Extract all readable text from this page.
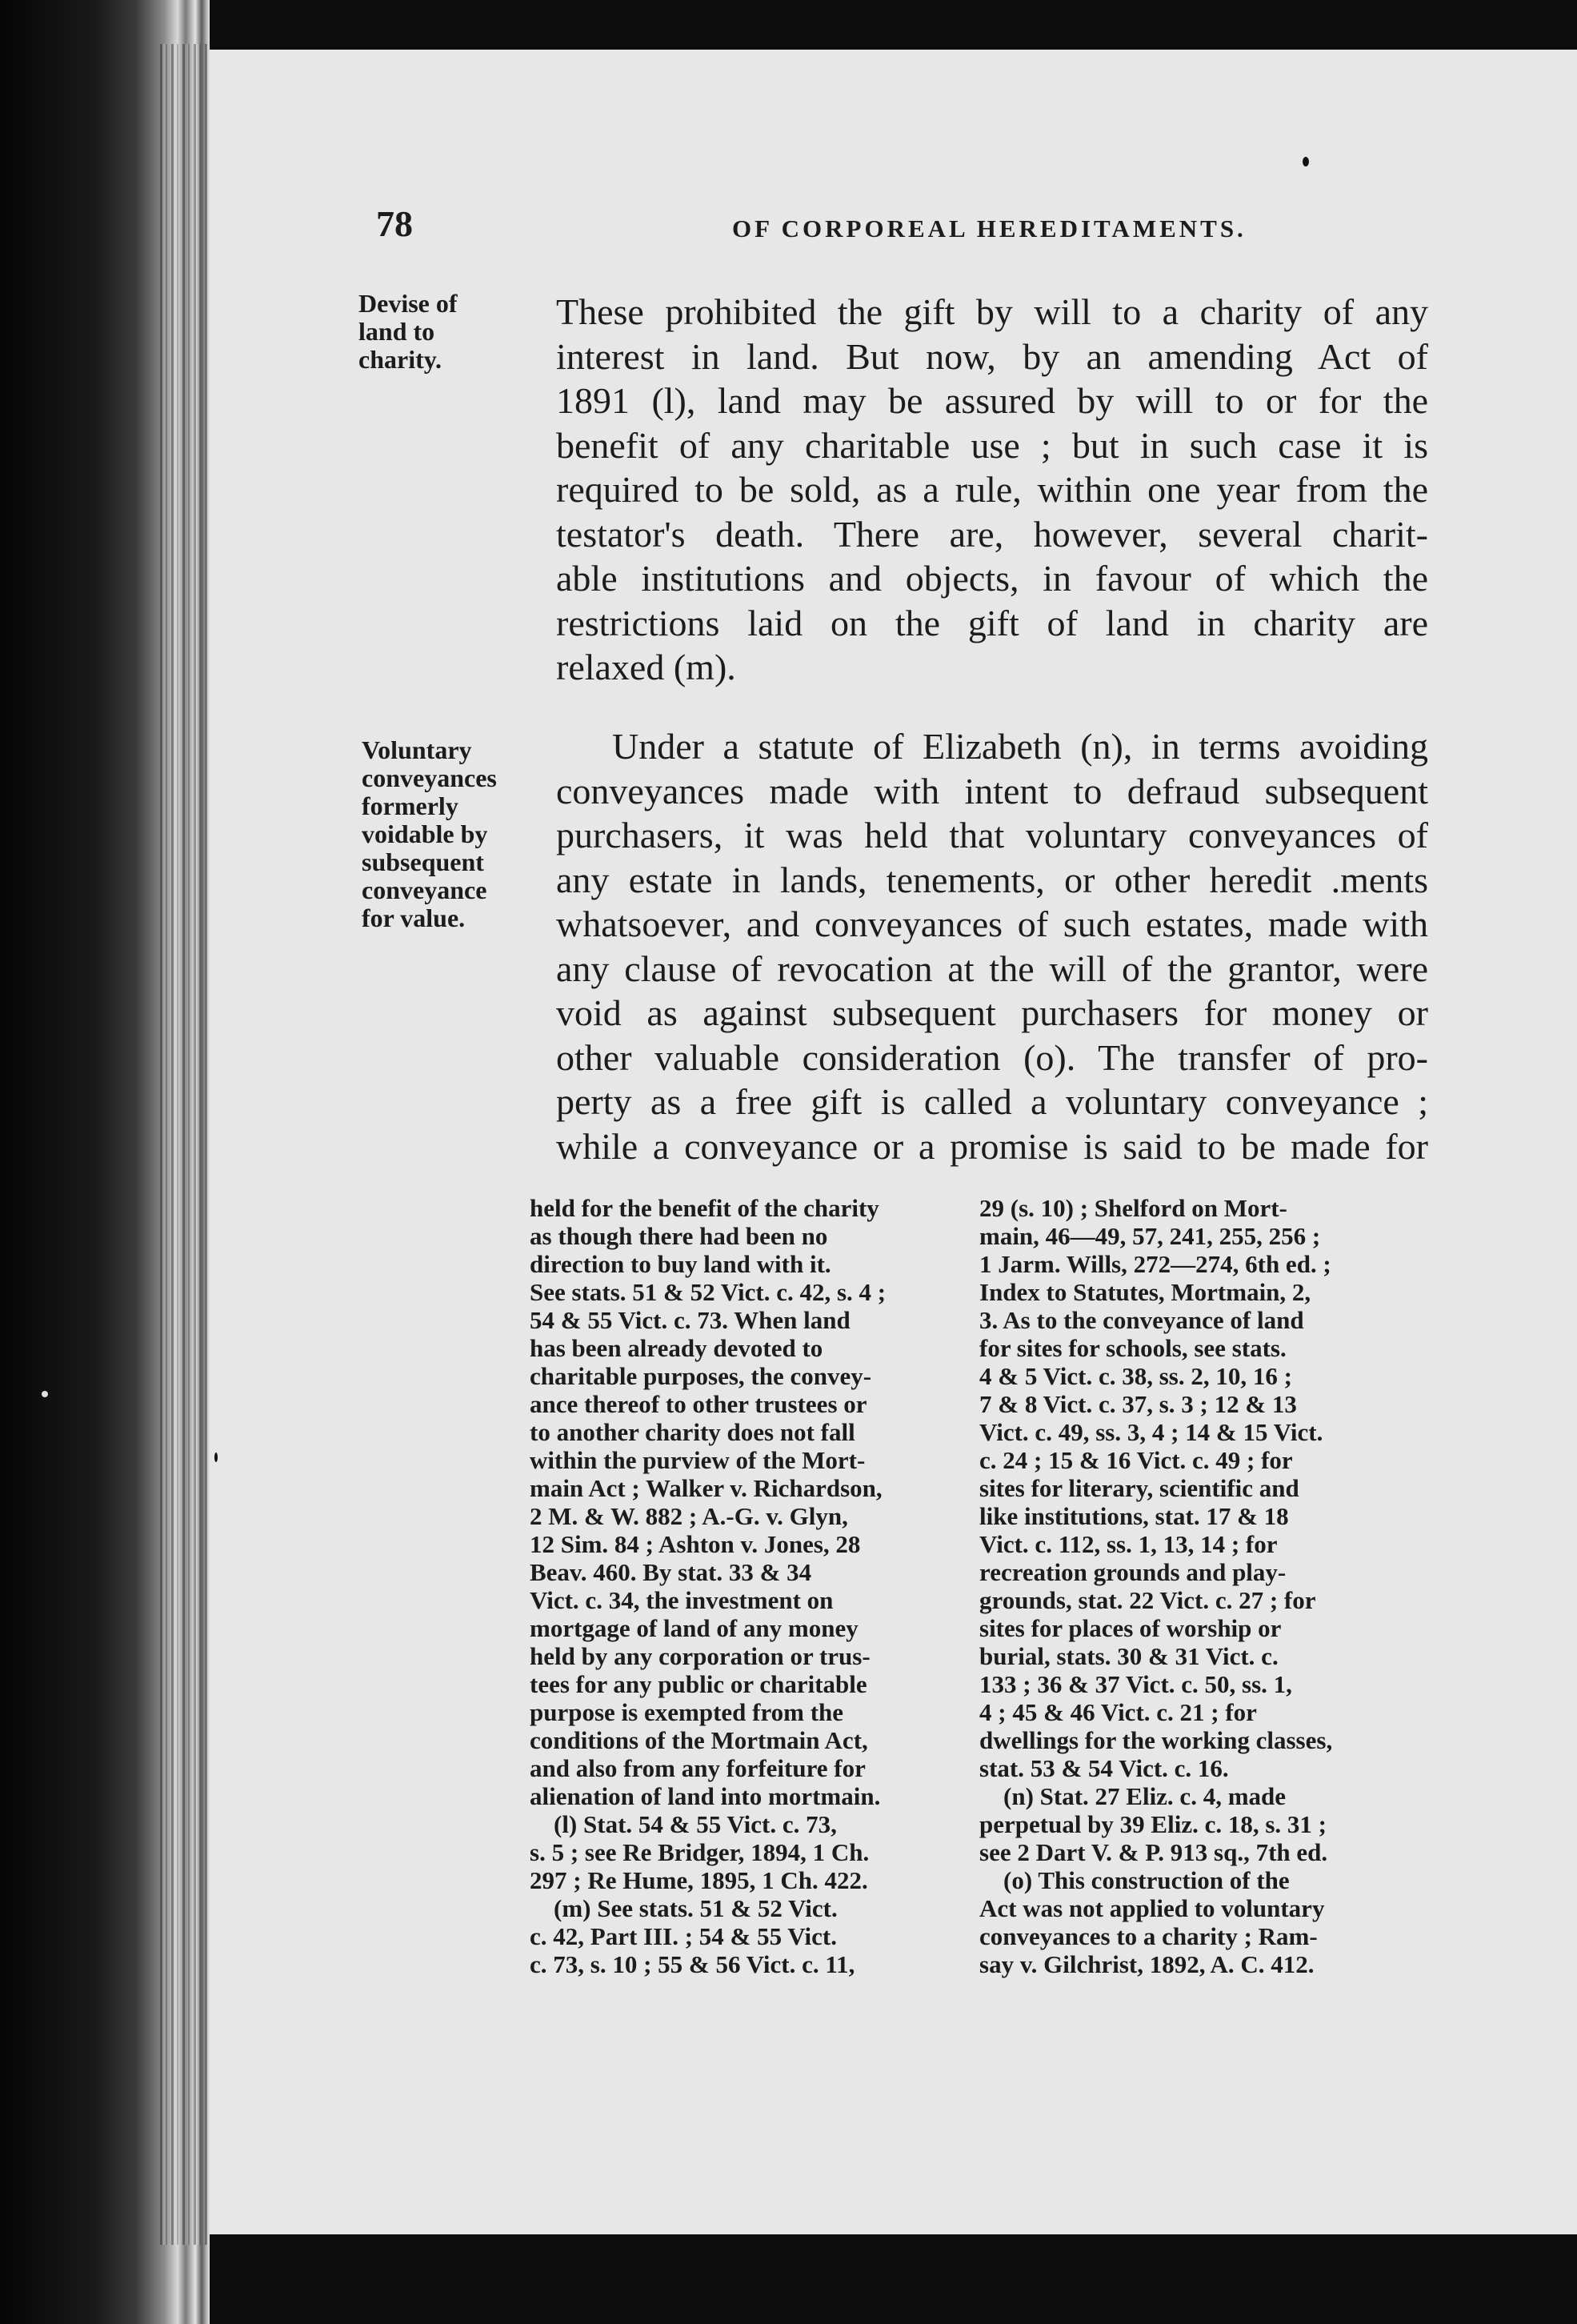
78	OF CORPOREAL HEREDITAMENTS.
Devise of
land to
charity.
Voluntary
conveyances
formerly
voidable by
subsequent
conveyance
for value.
These prohibited the gift by will to a charity of any
interest in land. But now, by an amending Act of
1891 (l), land may be assured by will to or for the
benefit of any charitable use ; but in such case it is
required to be sold, as a rule, within one year from the
testator's death. There are, however, several charit-
able institutions and objects, in favour of which the
restrictions laid on the gift of land in charity are
relaxed (m).
Under a statute of Elizabeth (n), in terms avoiding
conveyances made with intent to defraud subsequent
purchasers, it was held that voluntary conveyances of
any estate in lands, tenements, or other heredit .ments
whatsoever, and conveyances of such estates, made with
any clause of revocation at the will of the grantor, were
void as against subsequent purchasers for money or
other valuable consideration (o). The transfer of pro-
perty as a free gift is called a voluntary conveyance ;
while a conveyance or a promise is said to be made for
held for the benefit of the charity
as though there had been no
direction to buy land with it.
See stats. 51 & 52 Vict. c. 42, s. 4 ;
54 & 55 Vict. c. 73. When land
has been already devoted to
charitable purposes, the convey-
ance thereof to other trustees or
to another charity does not fall
within the purview of the Mort-
main Act ; Walker v. Richardson,
2 M. & W. 882 ; A.-G. v. Glyn,
12 Sim. 84 ; Ashton v. Jones, 28
Beav. 460. By stat. 33 & 34
Vict. c. 34, the investment on
mortgage of land of any money
held by any corporation or trus-
tees for any public or charitable
purpose is exempted from the
conditions of the Mortmain Act,
and also from any forfeiture for
alienation of land into mortmain.
(l) Stat. 54 & 55 Vict. c. 73,
s. 5 ; see Re Bridger, 1894, 1 Ch.
297 ; Re Hume, 1895, 1 Ch. 422.
(m) See stats. 51 & 52 Vict.
c. 42, Part III. ; 54 & 55 Vict.
c. 73, s. 10 ; 55 & 56 Vict. c. 11,
29 (s. 10) ; Shelford on Mort-
main, 46—49, 57, 241, 255, 256 ;
1 Jarm. Wills, 272—274, 6th ed. ;
Index to Statutes, Mortmain, 2,
3. As to the conveyance of land
for sites for schools, see stats.
4 & 5 Vict. c. 38, ss. 2, 10, 16 ;
7 & 8 Vict. c. 37, s. 3 ; 12 & 13
Vict. c. 49, ss. 3, 4 ; 14 & 15 Vict.
c. 24 ; 15 & 16 Vict. c. 49 ; for
sites for literary, scientific and
like institutions, stat. 17 & 18
Vict. c. 112, ss. 1, 13, 14 ; for
recreation grounds and play-
grounds, stat. 22 Vict. c. 27 ; for
sites for places of worship or
burial, stats. 30 & 31 Vict. c.
133 ; 36 & 37 Vict. c. 50, ss. 1,
4 ; 45 & 46 Vict. c. 21 ; for
dwellings for the working classes,
stat. 53 & 54 Vict. c. 16.
(n) Stat. 27 Eliz. c. 4, made
perpetual by 39 Eliz. c. 18, s. 31 ;
see 2 Dart V. & P. 913 sq., 7th ed.
(o) This construction of the
Act was not applied to voluntary
conveyances to a charity ; Ram-
say v. Gilchrist, 1892, A. C. 412.
